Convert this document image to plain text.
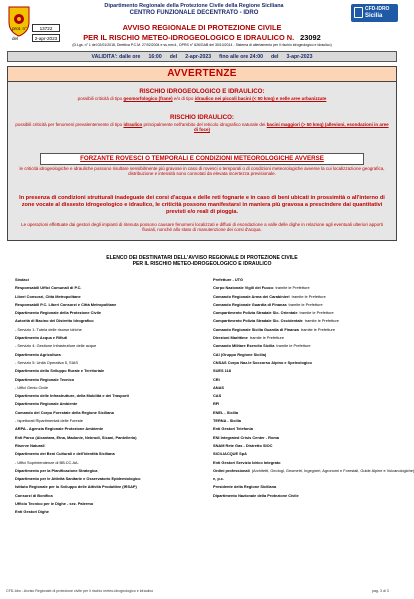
Dipartimento Regionale della Protezione Civile della Regione Siciliana
CENTRO FUNZIONALE DECENTRATO - IDRO
CFD-IDRO
Sicilia
prot. n°	13722
del	2-apr-2023
AVVISO REGIONALE DI PROTEZIONE CIVILE
PER IL RISCHIO METEO-IDROGEOLOGICO E IDRAULICO N. 23092
(D.Lgs. n° 1 del 02/01/2018, Direttiva P.C.M. 27/02/2004 e ss.mm.ii., DPRS n° 626/GAB del 30/10/2014 - Sistema di allertamento per il rischio idrogeologico e idraulico)
VALIDITA': dalle ore 16:00 del 2-apr-2023 fino alle ore 24:00 del 3-apr-2023
AVVERTENZE
RISCHIO IDROGEOLOGICO E IDRAULICO:
possibili criticità di tipo geomorfologico (frane) e/o di tipo idraulico nei piccoli bacini (< 50 kmq) e nelle aree urbanizzate
RISCHIO IDRAULICO:
possibili criticità per fenomeni prevalentemente di tipo idraulico principalmente nell'ambito del reticolo idrografico naturale dei bacini maggiori (> 50 kmq) (allevioni, esondazioni in aree di foce)
FORZANTE ROVESCI O TEMPORALI E CONDIZIONI METEOROLOGICHE AVVERSE
le criticità idrogeologiche e idrauliche possono risultare sensibilmente più gravose in caso di rovesci o temporali o di condizioni meteorologiche avverse la cui localizzazione geografica, distribuzione e intensità sono connotati da elevata incertezza previsionale.
In presenza di condizioni strutturali inadeguate dei corsi d'acqua e delle reti fognarie e in caso di beni ubicati in prossimità o all'interno di zone vocate al dissesto idrogeologico e idraulico, le criticità possono manifestarsi in maniera più gravosa a prescindere dai quantitativi previsti e/o reali di pioggia.
Le operazioni effettuate dai gestori degli impianti di ritenuta possono causare fenomeni localizzati e diffusi di esondazione a valle delle dighe in relazione agli eventuali ulteriori apporti fluviali, nonché allo stato di manutenzione dei corsi d'acqua.
ELENCO DEI DESTINATARI DELL'AVVISO REGIONALE DI PROTEZIONE CIVILE
PER IL RISCHIO METEO-IDROGEOLOGICO E IDRAULICO
Sindaci
Responsabili Uffici Comunali di P.C.
Liberi Consorzi, Città Metropolitane
Responsabili P.C. Liberi Consorzi e Città Metropolitane
Dipartimento Regionale della Protezione Civile
Autorità di Bacino del Distretto Idrografico
- Servizio 1: Tutela delle risorse idriche
Dipartimento Acqua e Rifiuti
- Servizio 4: Gestione Infrastrutture delle acque
Dipartimento Agricoltura
- Servizio 5: Unità Operativa 5, SIAS
Dipartimento dello Sviluppo Rurale e Territoriale
Dipartimento Regionale Tecnico
- Uffici Genio Civile
Dipartimento delle Infrastrutture, della Mobilità e dei Trasporti
Dipartimento Regionale Ambiente
Comando del Corpo Forestale della Regione Siciliana
- Ispettorati Ripartimentali delle Foreste
ARPA - Agenzia Regionale Protezione Ambiente
Enti Parco (Alcantara, Etna, Madonie, Nebrodi, Sicani, Pantelleria)
Riserve Naturali
Dipartimento dei Beni Culturali e dell'Identità Siciliana
- Uffici Soprintendenze di BB.CC.AA.
Dipartimento per la Pianificazione Strategica
Dipartimento per le Attività Sanitarie e Osservatorio Epidemiologico
Istituto Regionale per lo Sviluppo delle Attività Produttive (IRSAP)
Consorzi di Bonifica
Ufficio Tecnico per le Dighe - sez. Palermo
Enti Gestori Dighe
Prefetture - UTG
Corpo Nazionale Vigili del Fuoco tramite le Prefetture
Comando Regionale Arma dei Carabinieri tramite le Prefetture
Comando Regionale Guardia di Finanza tramite le Prefetture
Compartimento Polizia Stradale Sic. Orientale tramite le Prefetture
Compartimento Polizia Stradale Sic. Occidentale tramite le Prefetture
Comando Regionale Sicilia Guardia di Finanza tramite le Prefetture
Direzioni Marittime tramite le Prefetture
Comando Militare Esercito Sicilia tramite le Prefetture
CAI (Gruppo Regione Sicilia)
CNSAS Corpo Naz.le Soccorso Alpino e Speleologico
SUES 118
CRI
ANAS
CAS
RFI
ENEL - Sicilia
TERNA - Sicilia
Enti Gestori Telefonia
ENI Integrated Crisis Center - Roma
SNAM Rete Gas - Distretto SIOC
SICILIACQUE SpA
Enti Gestori Servizio Idrico Integrato
Ordini professionali (Architetti, Geologi, Geometri, Ingegneri, Agronomi e Forestali, Guide Alpine e Vulcanologiche)
e, p.c.
Presidente della Regione Siciliana
Dipartimento Nazionale della Protezione Civile
CFD-Idro - Avviso Regionale di protezione civile per il rischio meteo-idrogeologico e idraulico	pag. 3 di 3
